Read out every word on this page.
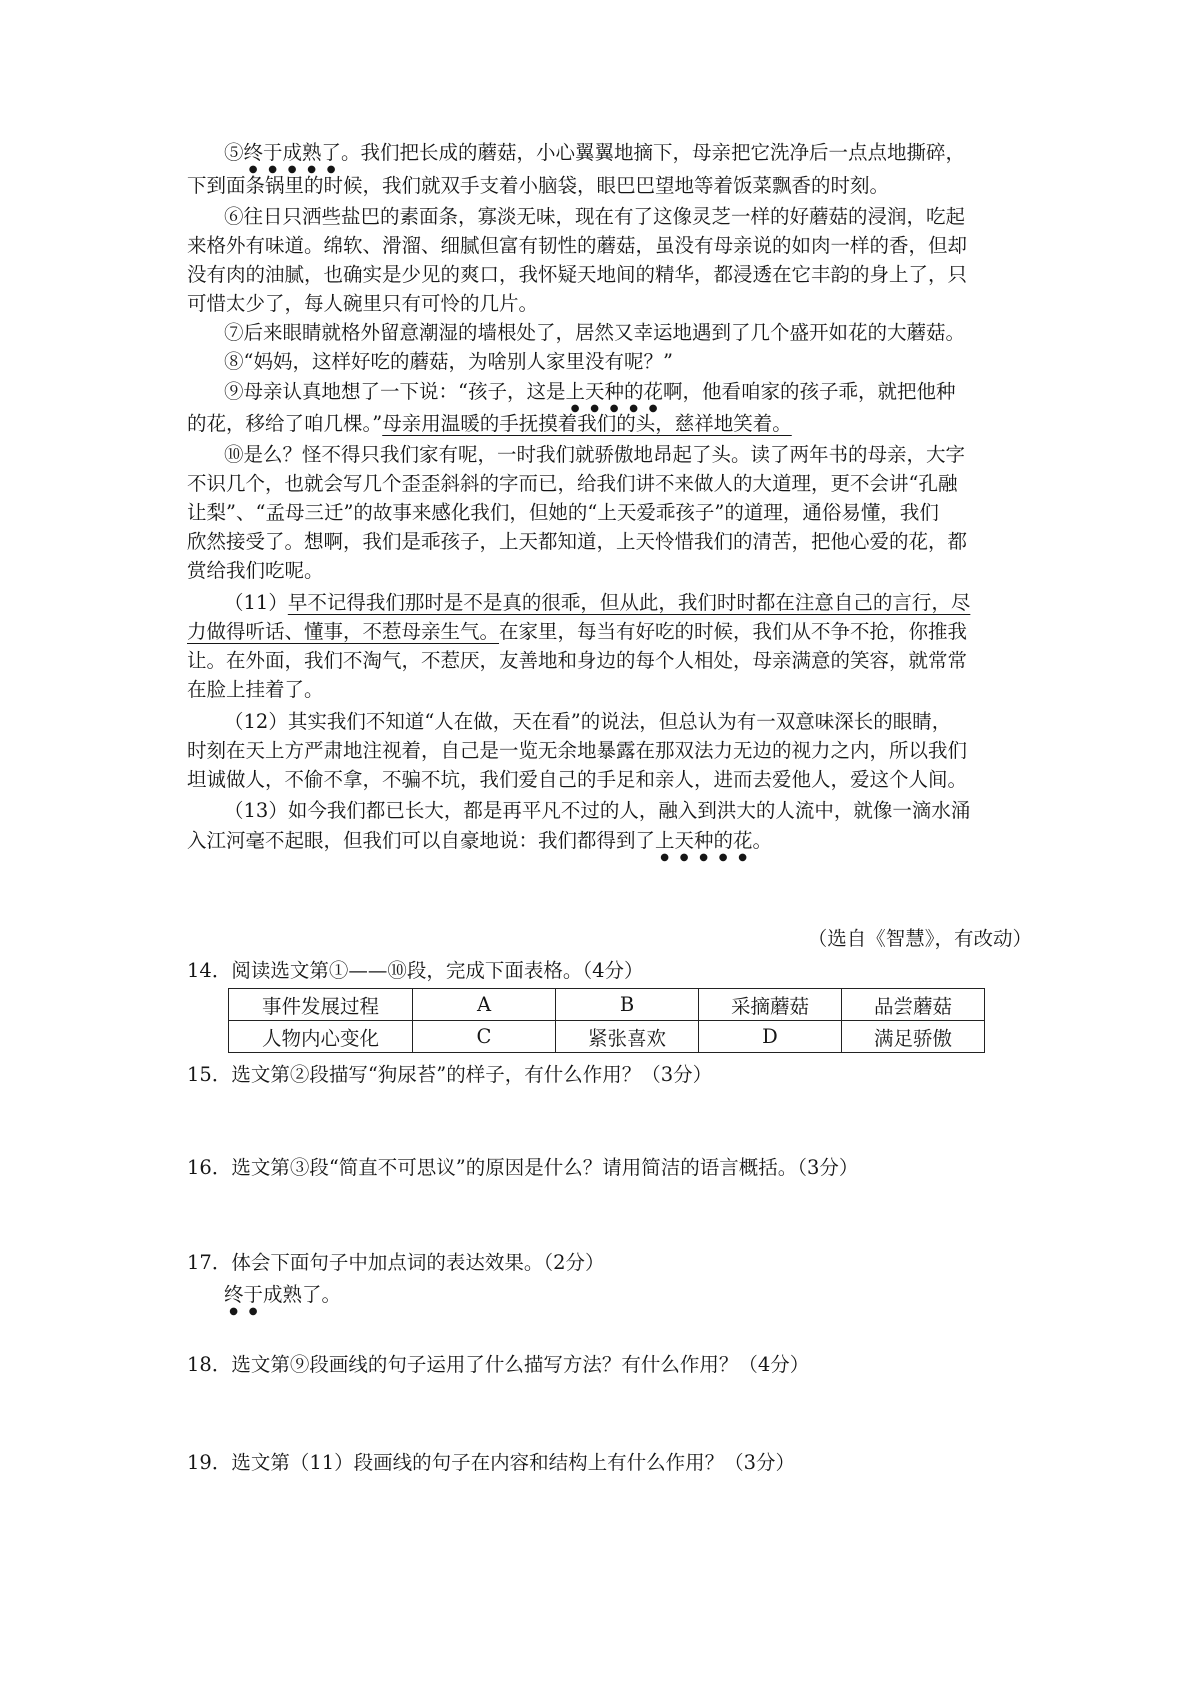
⑤终于成熟了。我们把长成的蘑菇，小心翼翼地摘下，母亲把它洗净后一点点地撕碎，
下到面条锅里的时候，我们就双手支着小脑袋，眼巴巴望地等着饭菜飘香的时刻。
⑥往日只洒些盐巴的素面条，寡淡无味，现在有了这像灵芝一样的好蘑菇的浸润，吃起
来格外有味道。绵软、滑溜、细腻但富有韧性的蘑菇，虽没有母亲说的如肉一样的香，但却
没有肉的油腻，也确实是少见的爽口，我怀疑天地间的精华，都浸透在它丰韵的身上了，只
可惜太少了，每人碗里只有可怜的几片。
⑦后来眼睛就格外留意潮湿的墙根处了，居然又幸运地遇到了几个盛开如花的大蘑菇。
⑧“妈妈，这样好吃的蘑菇，为啥别人家里没有呢？”
⑨母亲认真地想了一下说：“孩子，这是上天种的花啊，他看咱家的孩子乖，就把他种
的花，移给了咱几棵。”母亲用温暖的手抚摸着我们的头，慈祥地笑着。
⑩是么？怪不得只我们家有呢，一时我们就骄傲地昂起了头。读了两年书的母亲，大字
不识几个，也就会写几个歪歪斜斜的字而已，给我们讲不来做人的大道理，更不会讲“孔融
让梨”、“孟母三迁”的故事来感化我们，但她的“上天爱乖孩子”的道理，通俗易懂，我们
欣然接受了。想啊，我们是乖孩子，上天都知道，上天怜惜我们的清苦，把他心爱的花，都
赏给我们吃呢。
（11）早不记得我们那时是不是真的很乖，但从此，我们时时都在注意自己的言行，尽
力做得听话、懂事，不惹母亲生气。在家里，每当有好吃的时候，我们从不争不抢，你推我
让。在外面，我们不淘气，不惹厌，友善地和身边的每个人相处，母亲满意的笑容，就常常
在脸上挂着了。
（12）其实我们不知道“人在做，天在看”的说法，但总认为有一双意味深长的眼睛，
时刻在天上方严肃地注视着，自己是一览无余地暴露在那双法力无边的视力之内，所以我们
坦诚做人，不偷不拿，不骗不坑，我们爱自己的手足和亲人，进而去爱他人，爱这个人间。
（13）如今我们都已长大，都是再平凡不过的人，融入到洪大的人流中，就像一滴水涌
入江河毫不起眼，但我们可以自豪地说：我们都得到了上天种的花。
（选自《智慧》，有改动）
14．阅读选文第①——⑩段，完成下面表格。（4分）
事件发展过程	A	B	采摘蘑菇	品尝蘑菇
人物内心变化	C	紧张喜欢	D	满足骄傲
15．选文第②段描写“狗尿苔”的样子，有什么作用？（3分）
16．选文第③段“简直不可思议”的原因是什么？请用简洁的语言概括。（3分）
17．体会下面句子中加点词的表达效果。（2分）
终于成熟了。
18．选文第⑨段画线的句子运用了什么描写方法？有什么作用？（4分）
19．选文第（11）段画线的句子在内容和结构上有什么作用？（3分）
